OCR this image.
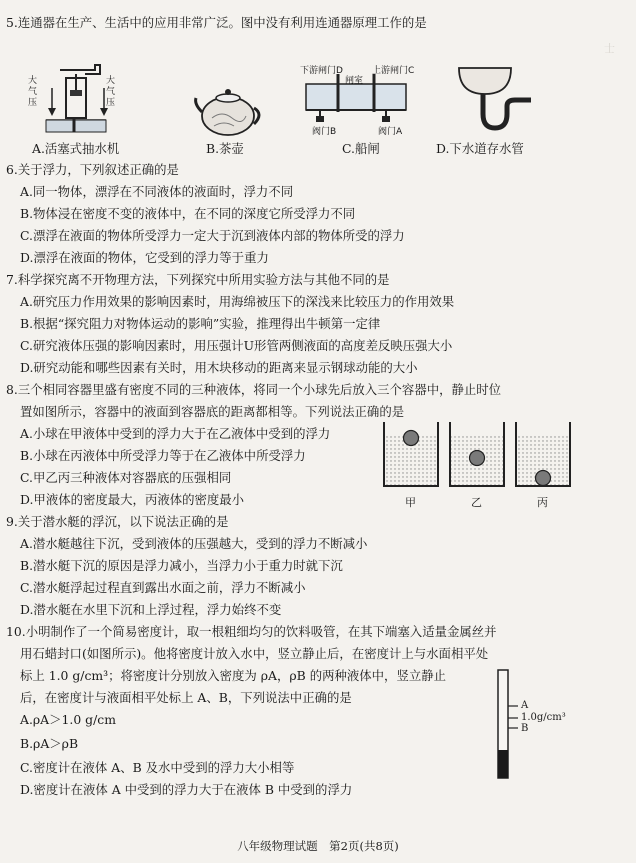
士
5.连通器在生产、生活中的应用非常广泛。图中没有利用连通器原理工作的是
大气压
大气压
A.活塞式抽水机	B.茶壶
下游闸门D
闸室
上游闸门C
阀门B	阀门A
C.船闸	D.下水道存水管
6.关于浮力，下列叙述正确的是
A.同一物体，漂浮在不同液体的液面时，浮力不同
B.物体浸在密度不变的液体中，在不同的深度它所受浮力不同
C.漂浮在液面的物体所受浮力一定大于沉到液体内部的物体所受的浮力
D.漂浮在液面的物体，它受到的浮力等于重力
7.科学探究离不开物理方法，下列探究中所用实验方法与其他不同的是
A.研究压力作用效果的影响因素时，用海绵被压下的深浅来比较压力的作用效果
B.根据“探究阻力对物体运动的影响”实验，推理得出牛顿第一定律
C.研究液体压强的影响因素时，用压强计U形管两侧液面的高度差反映压强大小
D.研究动能和哪些因素有关时，用木块移动的距离来显示钢球动能的大小
8.三个相同容器里盛有密度不同的三种液体，将同一个小球先后放入三个容器中，静止时位
置如图所示，容器中的液面到容器底的距离都相等。下列说法正确的是
A.小球在甲液体中受到的浮力大于在乙液体中受到的浮力
B.小球在丙液体中所受浮力等于在乙液体中所受浮力
C.甲乙丙三种液体对容器底的压强相同
D.甲液体的密度最大，丙液体的密度最小	甲	乙	丙
9.关于潜水艇的浮沉，以下说法正确的是
A.潜水艇越往下沉，受到液体的压强越大，受到的浮力不断减小
B.潜水艇下沉的原因是浮力减小，当浮力小于重力时就下沉
C.潜水艇浮起过程直到露出水面之前，浮力不断减小
D.潜水艇在水里下沉和上浮过程，浮力始终不变
10.小明制作了一个简易密度计，取一根粗细均匀的饮料吸管，在其下端塞入适量金属丝并
用石蜡封口(如图所示)。他将密度计放入水中，竖立静止后，在密度计上与水面相平处
标上 1.0 g/cm³；将密度计分别放入密度为 ρA，ρB 的两种液体中，竖立静止
后，在密度计与液面相平处标上 A、B，下列说法中正确的是
A.ρA＞1.0 g/cm
B.ρA＞ρB
C.密度计在液体 A、B 及水中受到的浮力大小相等
D.密度计在液体 A 中受到的浮力大于在液体 B 中受到的浮力
A
1.0g/cm³
B
八年级物理试题　第2页(共8页)
